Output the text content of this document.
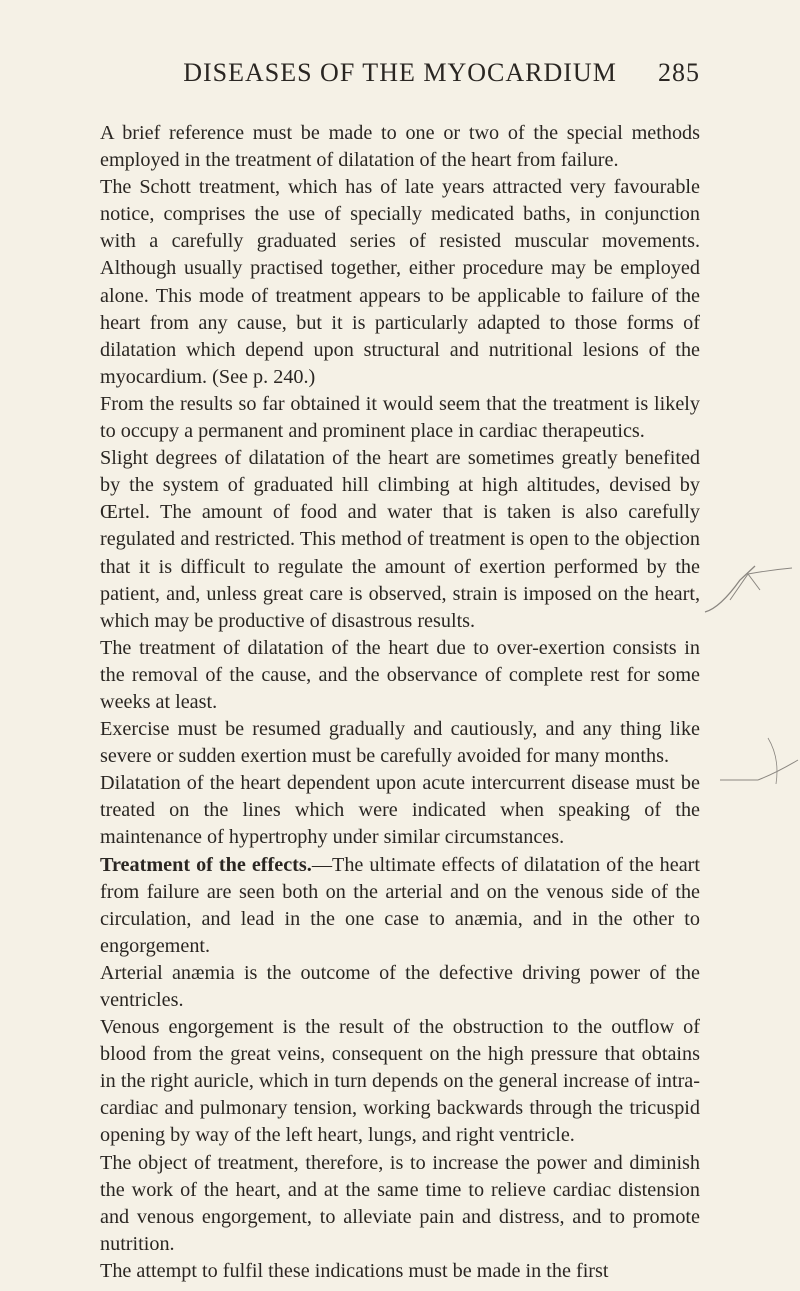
DISEASES OF THE MYOCARDIUM	285

A brief reference must be made to one or two of the special methods employed in the treatment of dilatation of the heart from failure.

The Schott treatment, which has of late years attracted very favourable notice, comprises the use of specially medicated baths, in conjunction with a carefully graduated series of resisted muscular movements. Although usually practised together, either procedure may be employed alone. This mode of treatment appears to be applicable to failure of the heart from any cause, but it is particularly adapted to those forms of dilatation which depend upon structural and nutritional lesions of the myocardium. (See p. 240.)

From the results so far obtained it would seem that the treatment is likely to occupy a permanent and prominent place in cardiac therapeutics.

Slight degrees of dilatation of the heart are sometimes greatly benefited by the system of graduated hill climbing at high altitudes, devised by Œrtel. The amount of food and water that is taken is also carefully regulated and restricted. This method of treatment is open to the objection that it is difficult to regulate the amount of exertion performed by the patient, and, unless great care is observed, strain is imposed on the heart, which may be productive of disastrous results.

The treatment of dilatation of the heart due to over-exertion consists in the removal of the cause, and the observance of complete rest for some weeks at least.

Exercise must be resumed gradually and cautiously, and any thing like severe or sudden exertion must be carefully avoided for many months.

Dilatation of the heart dependent upon acute intercurrent disease must be treated on the lines which were indicated when speaking of the maintenance of hypertrophy under similar circumstances.

Treatment of the effects.—The ultimate effects of dilatation of the heart from failure are seen both on the arterial and on the venous side of the circulation, and lead in the one case to anæmia, and in the other to engorgement.

Arterial anæmia is the outcome of the defective driving power of the ventricles.

Venous engorgement is the result of the obstruction to the outflow of blood from the great veins, consequent on the high pressure that obtains in the right auricle, which in turn depends on the general increase of intra-cardiac and pulmonary tension, working backwards through the tricuspid opening by way of the left heart, lungs, and right ventricle.

The object of treatment, therefore, is to increase the power and diminish the work of the heart, and at the same time to relieve cardiac distension and venous engorgement, to alleviate pain and distress, and to promote nutrition.

The attempt to fulfil these indications must be made in the first
